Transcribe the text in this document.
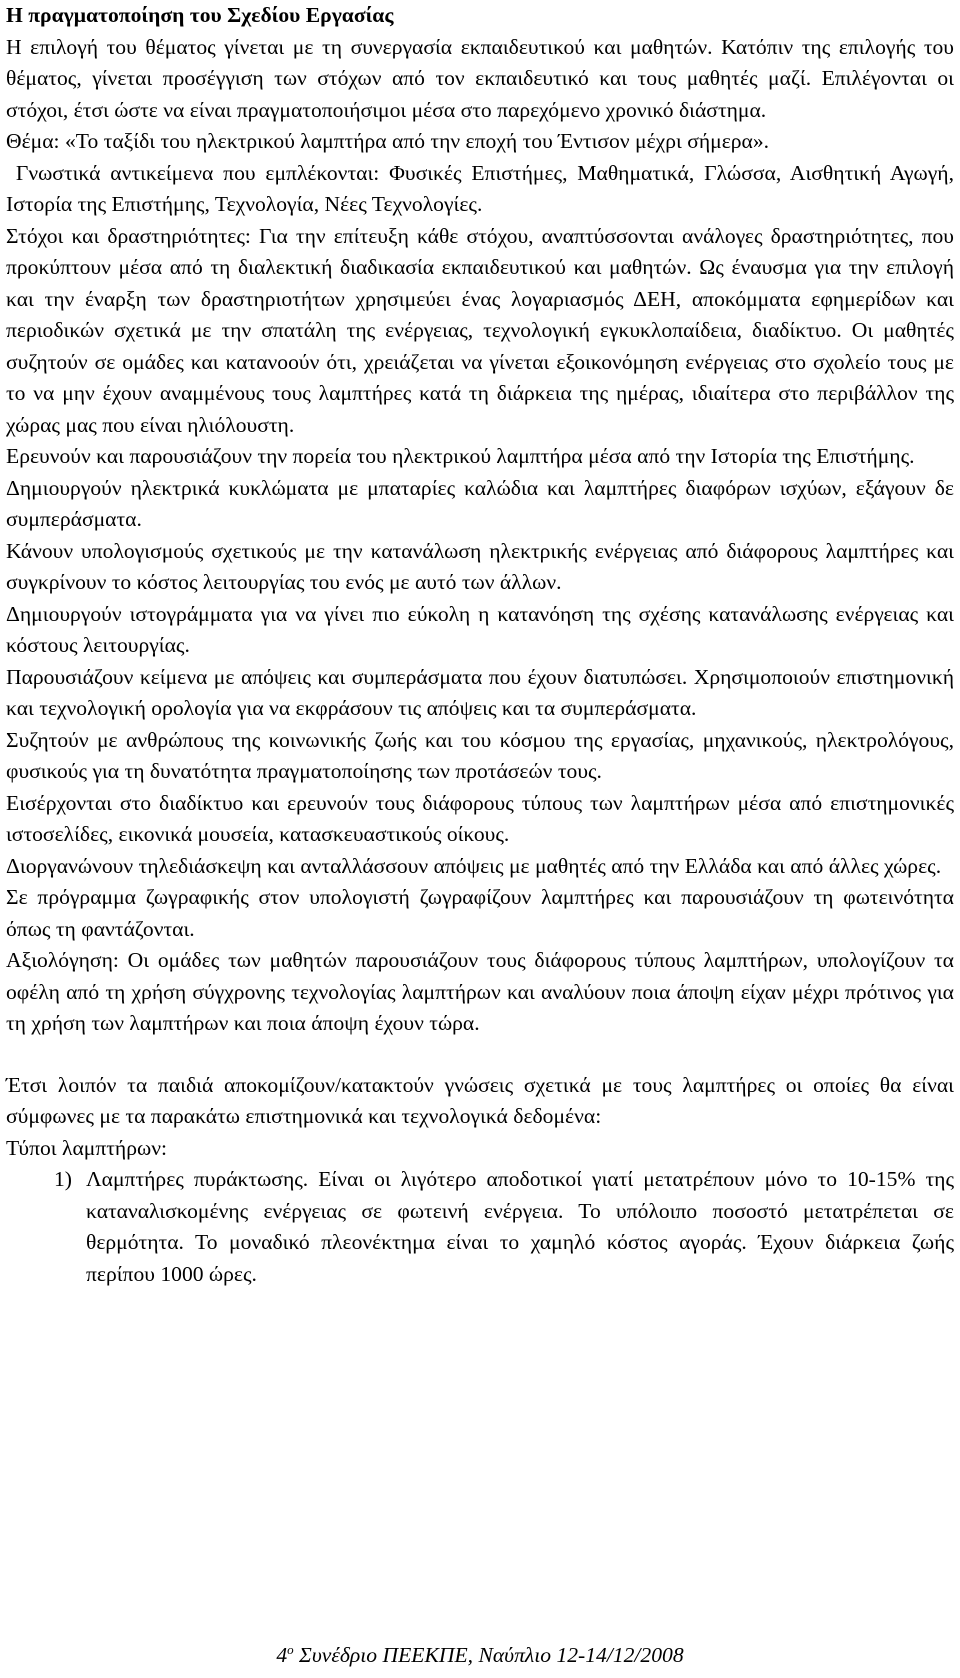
Η πραγματοποίηση του Σχεδίου Εργασίας

Η επιλογή του θέματος γίνεται με τη συνεργασία εκπαιδευτικού και μαθητών. Κατόπιν της επιλογής του θέματος, γίνεται προσέγγιση των στόχων από τον εκπαιδευτικό και τους μαθητές μαζί. Επιλέγονται οι στόχοι, έτσι ώστε να είναι πραγματοποιήσιμοι μέσα στο παρεχόμενο χρονικό διάστημα.

Θέμα: «Το ταξίδι του ηλεκτρικού λαμπτήρα από την εποχή του Έντισον μέχρι σήμερα».

Γνωστικά αντικείμενα που εμπλέκονται: Φυσικές Επιστήμες, Μαθηματικά, Γλώσσα, Αισθητική Αγωγή, Ιστορία της Επιστήμης, Τεχνολογία, Νέες Τεχνολογίες.

Στόχοι και δραστηριότητες: Για την επίτευξη κάθε στόχου, αναπτύσσονται ανάλογες δραστηριότητες, που προκύπτουν μέσα από τη διαλεκτική διαδικασία εκπαιδευτικού και μαθητών. Ως έναυσμα για την επιλογή και την έναρξη των δραστηριοτήτων χρησιμεύει ένας λογαριασμός ΔΕΗ, αποκόμματα εφημερίδων και περιοδικών σχετικά με την σπατάλη της ενέργειας, τεχνολογική εγκυκλοπαίδεια, διαδίκτυο. Οι μαθητές συζητούν σε ομάδες και κατανοούν ότι, χρειάζεται να γίνεται εξοικονόμηση ενέργειας στο σχολείο τους με το να μην έχουν αναμμένους τους λαμπτήρες κατά τη διάρκεια της ημέρας, ιδιαίτερα στο περιβάλλον της χώρας μας που είναι ηλιόλουστη.

Ερευνούν και παρουσιάζουν την πορεία του ηλεκτρικού λαμπτήρα μέσα από την Ιστορία της Επιστήμης.

Δημιουργούν ηλεκτρικά κυκλώματα με μπαταρίες καλώδια και λαμπτήρες διαφόρων ισχύων, εξάγουν δε συμπεράσματα.

Κάνουν υπολογισμούς σχετικούς με την κατανάλωση ηλεκτρικής ενέργειας από διάφορους λαμπτήρες και συγκρίνουν το κόστος λειτουργίας του ενός με αυτό των άλλων.

Δημιουργούν ιστογράμματα για να γίνει πιο εύκολη η κατανόηση της σχέσης κατανάλωσης ενέργειας και κόστους λειτουργίας.

Παρουσιάζουν κείμενα με απόψεις και συμπεράσματα που έχουν διατυπώσει. Χρησιμοποιούν επιστημονική και τεχνολογική ορολογία για να εκφράσουν τις απόψεις και τα συμπεράσματα.

Συζητούν με ανθρώπους της κοινωνικής ζωής και του κόσμου της εργασίας, μηχανικούς, ηλεκτρολόγους, φυσικούς για τη δυνατότητα πραγματοποίησης των προτάσεών τους.

Εισέρχονται στο διαδίκτυο και ερευνούν τους διάφορους τύπους των λαμπτήρων μέσα από επιστημονικές ιστοσελίδες, εικονικά μουσεία, κατασκευαστικούς οίκους.

Διοργανώνουν τηλεδιάσκεψη και ανταλλάσσουν απόψεις με μαθητές από την Ελλάδα και από άλλες χώρες.

Σε πρόγραμμα ζωγραφικής στον υπολογιστή ζωγραφίζουν λαμπτήρες και παρουσιάζουν τη φωτεινότητα όπως τη φαντάζονται.

Αξιολόγηση: Οι ομάδες των μαθητών παρουσιάζουν τους διάφορους τύπους λαμπτήρων, υπολογίζουν τα οφέλη από τη χρήση σύγχρονης τεχνολογίας λαμπτήρων και αναλύουν ποια άποψη είχαν μέχρι πρότινος για τη χρήση των λαμπτήρων και ποια άποψη έχουν τώρα.

Έτσι λοιπόν τα παιδιά αποκομίζουν/κατακτούν γνώσεις σχετικά με τους λαμπτήρες οι οποίες θα είναι σύμφωνες με τα παρακάτω επιστημονικά και τεχνολογικά δεδομένα:

Τύποι λαμπτήρων:

1) Λαμπτήρες πυράκτωσης. Είναι οι λιγότερο αποδοτικοί γιατί μετατρέπουν μόνο το 10-15% της καταναλισκομένης ενέργειας σε φωτεινή ενέργεια. Το υπόλοιπο ποσοστό μετατρέπεται σε θερμότητα. Το μοναδικό πλεονέκτημα είναι το χαμηλό κόστος αγοράς. Έχουν διάρκεια ζωής περίπου 1000 ώρες.
$4^o$ Συνέδριο ΠΕΕΚΠΕ, Ναύπλιο 12-14/12/2008
